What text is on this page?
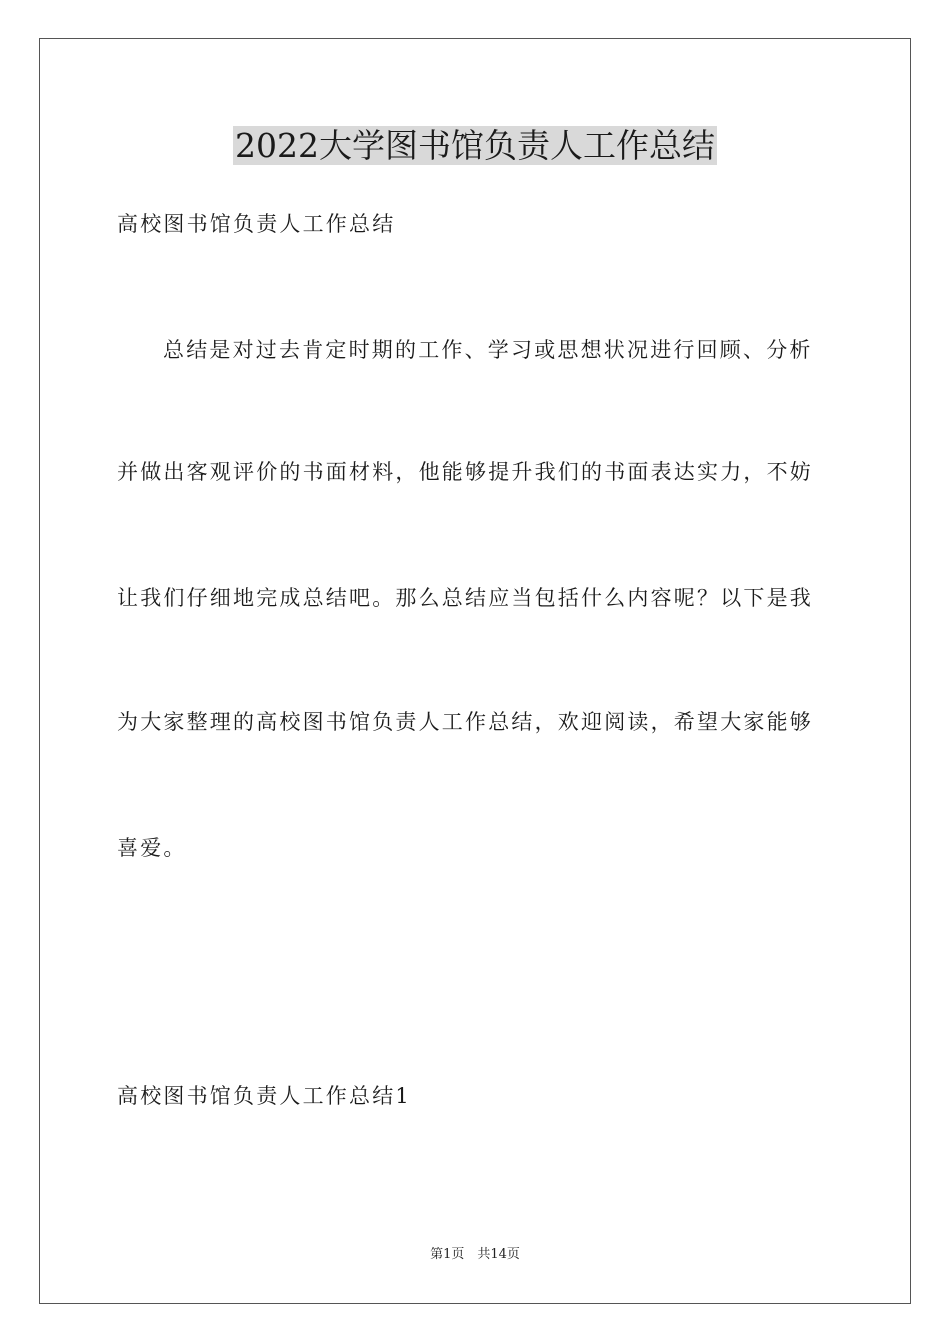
2022大学图书馆负责人工作总结
高校图书馆负责人工作总结
总结是对过去肯定时期的工作、学习或思想状况进行回顾、分析
并做出客观评价的书面材料，他能够提升我们的书面表达实力，不妨
让我们仔细地完成总结吧。那么总结应当包括什么内容呢？以下是我
为大家整理的高校图书馆负责人工作总结，欢迎阅读，希望大家能够
喜爱。
高校图书馆负责人工作总结1
第1页　共14页
